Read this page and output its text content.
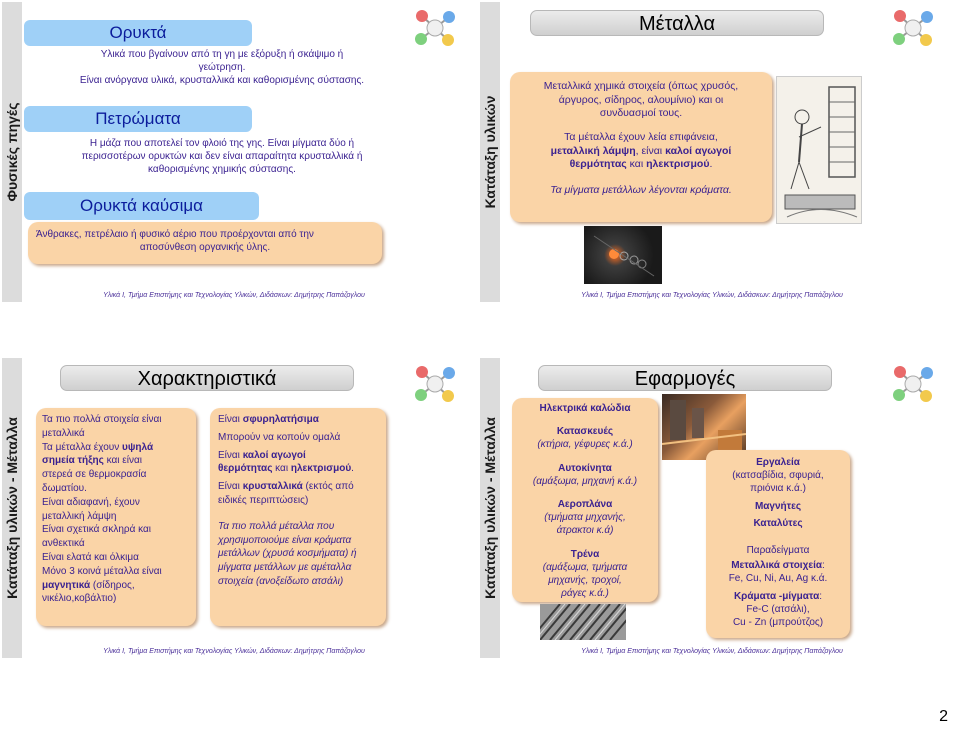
Φυσικές πηγές
Ορυκτά
Υλικά που βγαίνουν από τη γη με εξόρυξη ή σκάψιμο ή
γεώτρηση.
Είναι ανόργανα υλικά, κρυσταλλικά και καθορισμένης σύστασης.
Πετρώματα
Η μάζα που αποτελεί τον φλοιό της γης. Είναι μίγματα δύο ή
περισσοτέρων ορυκτών και δεν είναι απαραίτητα κρυσταλλικά ή
καθορισμένης χημικής σύστασης.
Ορυκτά καύσιμα
Άνθρακες, πετρέλαιο ή φυσικό αέριο που προέρχονται από την
αποσύνθεση οργανικής ύλης.
Υλικά Ι, Τμήμα Επιστήμης και Τεχνολογίας Υλικών, Διδάσκων: Δημήτρης Παπάζογλου
Κατάταξη υλικών
Μέταλλα
Μεταλλικά χημικά στοιχεία (όπως χρυσός,
άργυρος, σίδηρος, αλουμίνιο) και οι
συνδυασμοί τους.
Τα μέταλλα έχουν λεία επιφάνεια,
μεταλλική λάμψη, είναι καλοί αγωγοί
θερμότητας και ηλεκτρισμού.
Τα μίγματα μετάλλων λέγονται κράματα.
Υλικά Ι, Τμήμα Επιστήμης και Τεχνολογίας Υλικών, Διδάσκων: Δημήτρης Παπάζογλου
Κατάταξη υλικών - Μέταλλα
Χαρακτηριστικά
Τα πιο πολλά στοιχεία είναι
μεταλλικά
Τα μέταλλα έχουν υψηλά
σημεία τήξης και είναι
στερεά σε θερμοκρασία
δωματίου.
Είναι αδιαφανή, έχουν
μεταλλική λάμψη
Είναι σχετικά σκληρά και
ανθεκτικά
Είναι ελατά και όλκιμα
Μόνο 3 κοινά μέταλλα είναι
μαγνητικά (σίδηρος,
νικέλιο,κοβάλτιο)
Είναι σφυρηλατήσιμα
Μπορούν να κοπούν ομαλά
Είναι καλοί αγωγοί
θερμότητας και ηλεκτρισμού.
Είναι κρυσταλλικά (εκτός από
ειδικές περιπτώσεις)
Τα πιο πολλά μέταλλα που
χρησιμοποιούμε είναι κράματα
μετάλλων (χρυσά κοσμήματα) ή
μίγματα μετάλλων με αμέταλλα
στοιχεία (ανοξείδωτο ατσάλι)
Υλικά Ι, Τμήμα Επιστήμης και Τεχνολογίας Υλικών, Διδάσκων: Δημήτρης Παπάζογλου
Κατάταξη υλικών - Μέταλλα
Εφαρμογές
Ηλεκτρικά καλώδια
Κατασκευές
(κτήρια, γέφυρες κ.ά.)
Αυτοκίνητα
(αμάξωμα, μηχανή κ.ά.)
Αεροπλάνα
(τμήματα μηχανής,
άτρακτοι κ.ά)
Τρένα
(αμάξωμα, τμήματα
μηχανής, τροχοί,
ράγες κ.ά.)
Εργαλεία
(κατσαβίδια, σφυριά,
πριόνια κ.ά.)
Μαγνήτες
Καταλύτες
Παραδείγματα
Μεταλλικά στοιχεία:
Fe, Cu, Ni, Au, Ag κ.ά.
Κράματα -μίγματα:
Fe-C (ατσάλι),
Cu - Zn (μπρούτζος)
Υλικά Ι, Τμήμα Επιστήμης και Τεχνολογίας Υλικών, Διδάσκων: Δημήτρης Παπάζογλου
2
